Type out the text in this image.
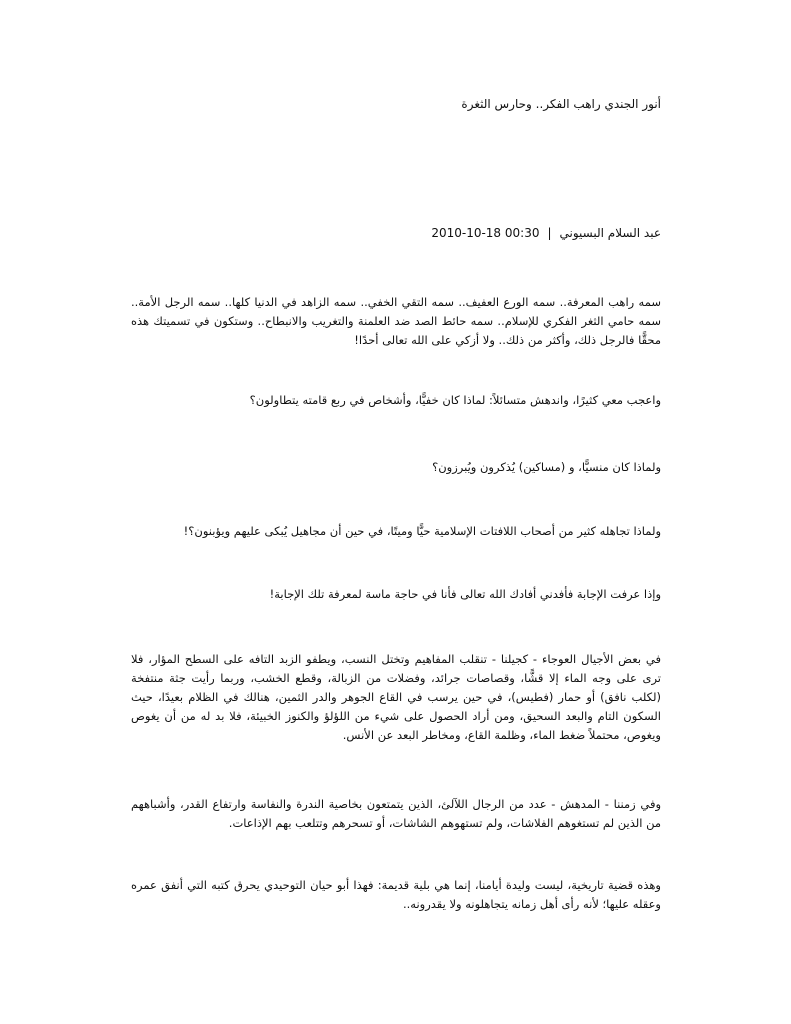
أنور الجندي راهب الفكر.. وحارس الثغرة
عبد السلام البسيوني|2010-10-18 00:30
سمه راهب المعرفة.. سمه الورع العفيف.. سمه التقي الخفي.. سمه الزاهد في الدنيا كلها.. سمه الرجل الأمة.. سمه حامي الثغر الفكري للإسلام.. سمه حائط الصد ضد العلمنة والتغريب والانبطاح.. وستكون في تسميتك هذه محقًّا فالرجل ذلك، وأكثر من ذلك.. ولا أزكي على الله تعالى أحدًا!
واعجب معي كثيرًا، واندهش متسائلاً: لماذا كان خفيًّا، وأشخاص في ربع قامته يتطاولون؟
ولماذا كان منسيًّا، و (مساكين) يُذكرون ويُبرزون؟
ولماذا تجاهله كثير من أصحاب اللافتات الإسلامية حيًّا وميتًا، في حين أن مجاهيل يُبكى عليهم ويؤبنون؟!
وإذا عرفت الإجابة فأفدني أفادك الله تعالى فأنا في حاجة ماسة لمعرفة تلك الإجابة!
في بعض الأجيال العوجاء - كجيلنا - تنقلب المفاهيم وتختل النسب، ويطفو الزبد التافه على السطح المؤار، فلا ترى على وجه الماء إلا قشًّا، وقصاصات جرائد، وفضلات من الزبالة، وقطع الخشب، وربما رأيت جثة منتفخة (لكلب نافق) أو حمار (فطيس)، في حين يرسب في القاع الجوهر والدر الثمين، هنالك في الظلام بعيدًا، حيث السكون التام والبعد السحيق، ومن أراد الحصول على شيء من اللؤلؤ والكنوز الخبيئة، فلا بد له من أن يغوص ويغوص، محتملاً ضغط الماء، وظلمة القاع، ومخاطر البعد عن الأنس.
وفي زمننا - المدهش - عدد من الرجال اللآلئ، الذين يتمتعون بخاصية الندرة والنفاسة وارتفاع القدر، وأشباههم من الذين لم تستغوهم الفلاشات، ولم تستهوهم الشاشات، أو تسحرهم وتتلعب بهم الإذاعات.
وهذه قضية تاريخية، ليست وليدة أيامنا، إنما هي بلية قديمة: فهذا أبو حيان التوحيدي يحرق كتبه التي أنفق عمره وعقله عليها؛ لأنه رأى أهل زمانه يتجاهلونه ولا يقدرونه..
